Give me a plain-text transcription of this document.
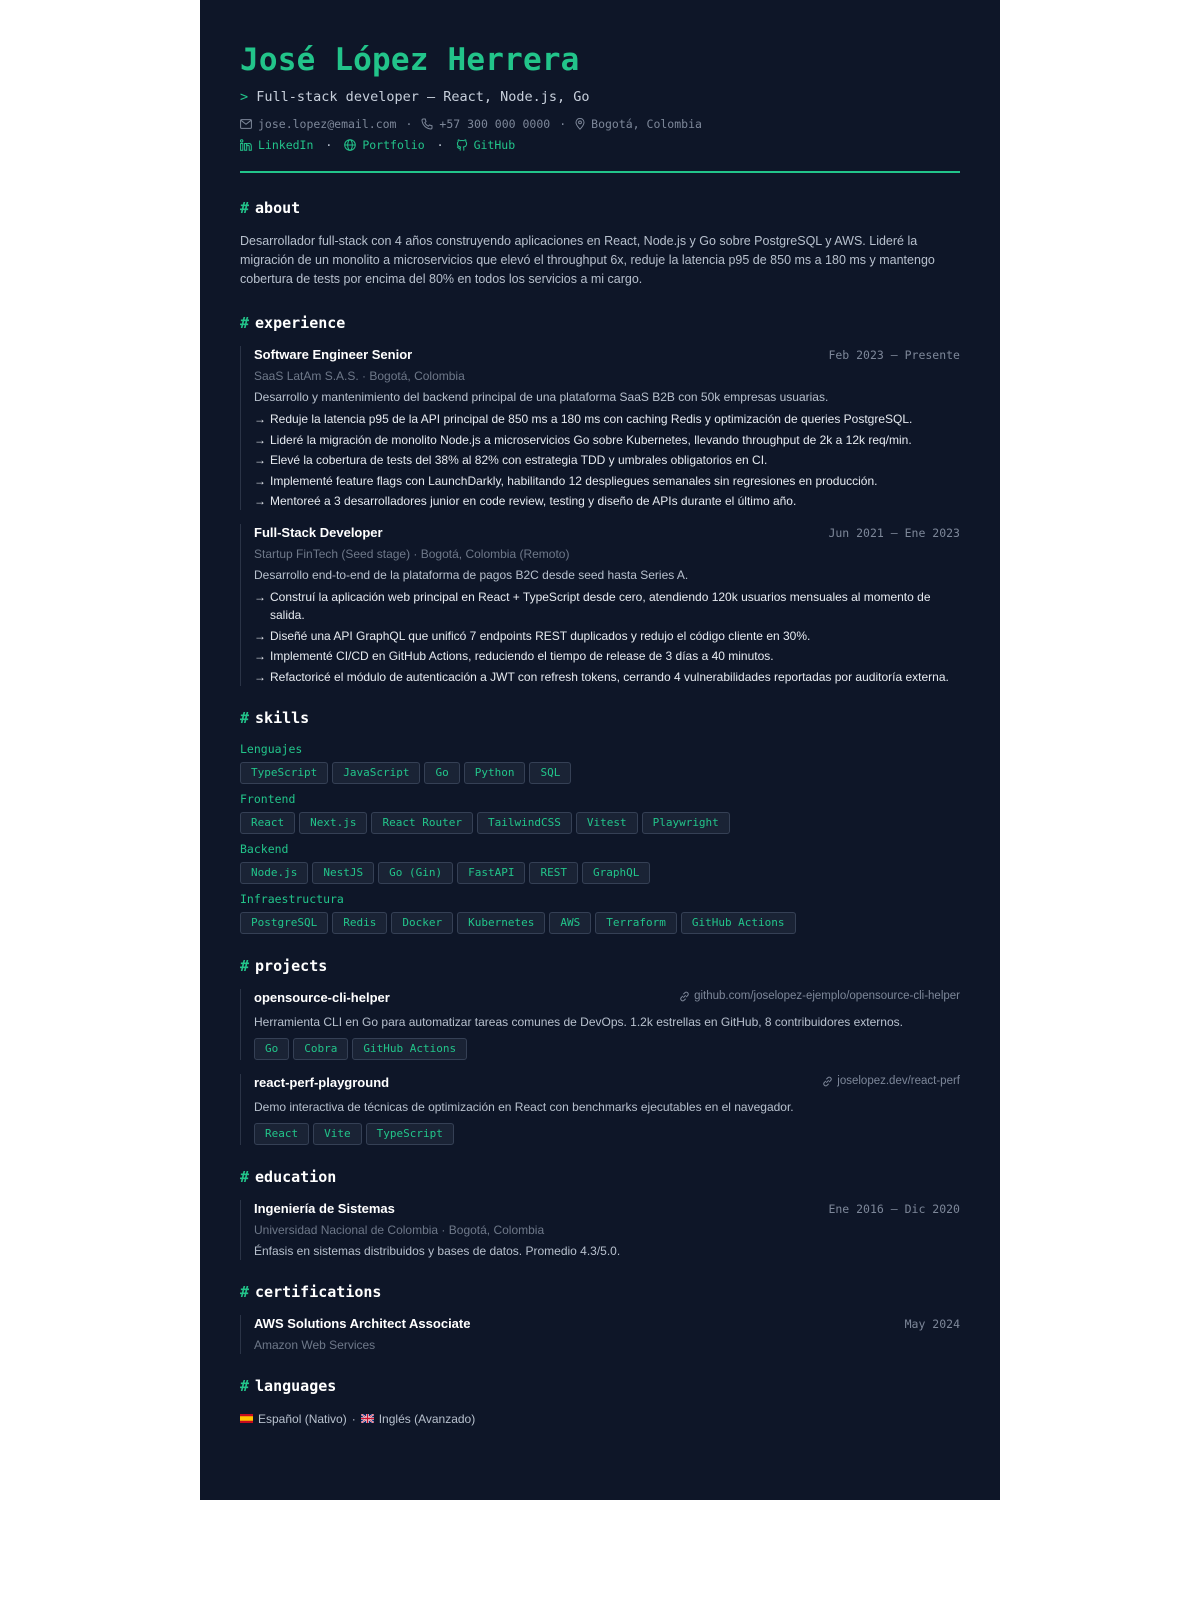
José López Herrera
> Full-stack developer — React, Node.js, Go
jose.lopez@email.com · +57 300 000 0000 · Bogotá, Colombia
LinkedIn ·	Portfolio ·	GitHub
# about

Desarrollador full-stack con 4 años construyendo aplicaciones en React, Node.js y Go sobre PostgreSQL y AWS. Lideré la migración de un monolito a microservicios que elevó el throughput 6x, reduje la latencia p95 de 850 ms a 180 ms y mantengo cobertura de tests por encima del 80% en todos los servicios a mi cargo.

# experience
Software Engineer Senior	Feb 2023 – Presente
SaaS LatAm S.A.S. · Bogotá, Colombia
Desarrollo y mantenimiento del backend principal de una plataforma SaaS B2B con 50k empresas usuarias.
→ Reduje la latencia p95 de la API principal de 850 ms a 180 ms con caching Redis y optimización de queries PostgreSQL.
→ Lideré la migración de monolito Node.js a microservicios Go sobre Kubernetes, llevando throughput de 2k a 12k req/min.
→ Elevé la cobertura de tests del 38% al 82% con estrategia TDD y umbrales obligatorios en CI.
→ Implementé feature flags con LaunchDarkly, habilitando 12 despliegues semanales sin regresiones en producción.
→ Mentoreé a 3 desarrolladores junior en code review, testing y diseño de APIs durante el último año.
Full-Stack Developer	Jun 2021 – Ene 2023
Startup FinTech (Seed stage) · Bogotá, Colombia (Remoto)
Desarrollo end-to-end de la plataforma de pagos B2C desde seed hasta Series A.
→ Construí la aplicación web principal en React + TypeScript desde cero, atendiendo 120k usuarios mensuales al momento de salida.
→ Diseñé una API GraphQL que unificó 7 endpoints REST duplicados y redujo el código cliente en 30%.
→ Implementé CI/CD en GitHub Actions, reduciendo el tiempo de release de 3 días a 40 minutos.
→ Refactoricé el módulo de autenticación a JWT con refresh tokens, cerrando 4 vulnerabilidades reportadas por auditoría externa.
# skills
Lenguajes
TypeScript	JavaScript	Go	Python	SQL
Frontend
React	Next.js	React Router	TailwindCSS	Vitest	Playwright
Backend
Node.js	NestJS	Go (Gin)	FastAPI	REST	GraphQL
Infraestructura
PostgreSQL	Redis	Docker	Kubernetes	AWS	Terraform	GitHub Actions
# projects
opensource-cli-helper	github.com/joselopez-ejemplo/opensource-cli-helper
Herramienta CLI en Go para automatizar tareas comunes de DevOps. 1.2k estrellas en GitHub, 8 contribuidores externos.
Go	Cobra	GitHub Actions
react-perf-playground	joselopez.dev/react-perf
Demo interactiva de técnicas de optimización en React con benchmarks ejecutables en el navegador.
React	Vite	TypeScript
# education
Ingeniería de Sistemas	Ene 2016 – Dic 2020
Universidad Nacional de Colombia · Bogotá, Colombia
Énfasis en sistemas distribuidos y bases de datos. Promedio 4.3/5.0.
# certifications
AWS Solutions Architect Associate	May 2024
Amazon Web Services
# languages
Español (Nativo) · Inglés (Avanzado)
